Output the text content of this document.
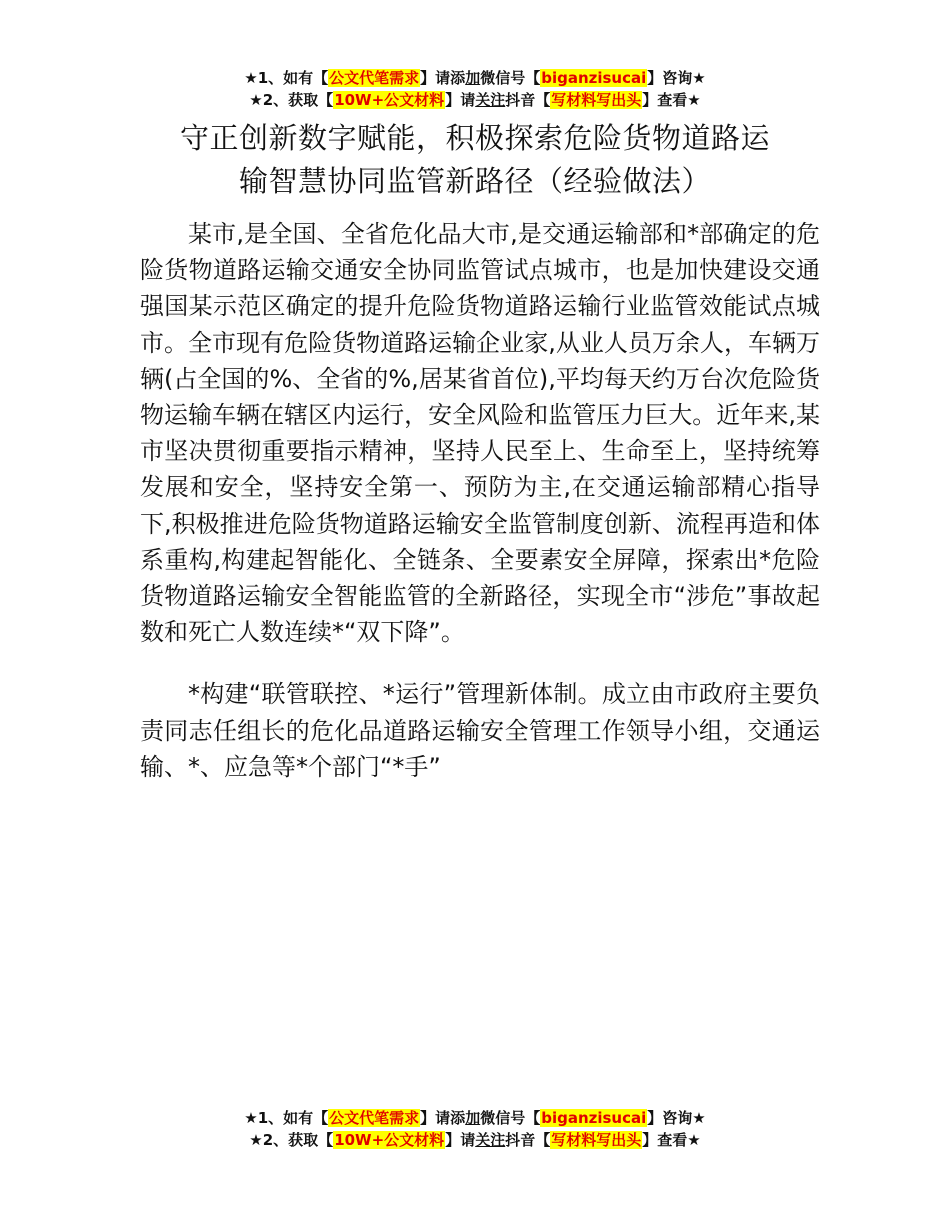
★1、如有【公文代笔需求】请添加微信号【biganzisucai】咨询★
★2、获取【10W+公文材料】请关注抖音【写材料写出头】查看★
守正创新数字赋能，积极探索危险货物道路运
输智慧协同监管新路径（经验做法）

某市,是全国、全省危化品大市,是交通运输部和*部确定的危险货物道路运输交通安全协同监管试点城市，也是加快建设交通强国某示范区确定的提升危险货物道路运输行业监管效能试点城市。全市现有危险货物道路运输企业家,从业人员万余人，车辆万辆(占全国的%、全省的%,居某省首位),平均每天约万台次危险货物运输车辆在辖区内运行，安全风险和监管压力巨大。近年来,某市坚决贯彻重要指示精神，坚持人民至上、生命至上，坚持统筹发展和安全，坚持安全第一、预防为主,在交通运输部精心指导下,积极推进危险货物道路运输安全监管制度创新、流程再造和体系重构,构建起智能化、全链条、全要素安全屏障，探索出*危险货物道路运输安全智能监管的全新路径，实现全市“涉危”事故起数和死亡人数连续*“双下降”。

*构建“联管联控、*运行”管理新体制。成立由市政府主要负责同志任组长的危化品道路运输安全管理工作领导小组，交通运输、*、应急等*个部门“*手”

★1、如有【公文代笔需求】请添加微信号【biganzisucai】咨询★
★2、获取【10W+公文材料】请关注抖音【写材料写出头】查看★
